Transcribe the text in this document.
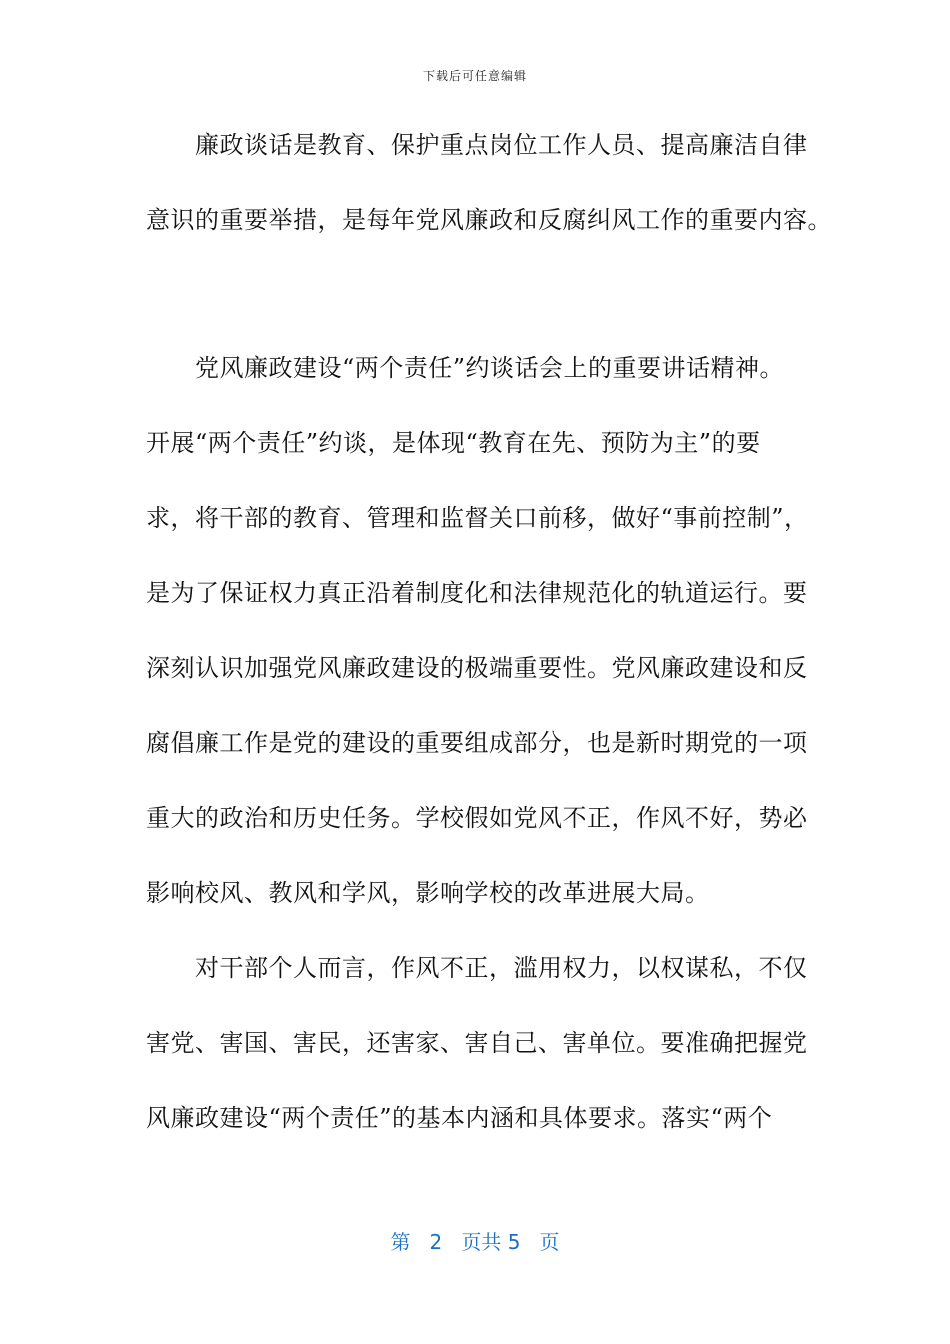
下载后可任意编辑
　　廉政谈话是教育、保护重点岗位工作人员、提高廉洁自律
意识的重要举措，是每年党风廉政和反腐纠风工作的重要内容。
　　党风廉政建设“两个责任”约谈话会上的重要讲话精神。
开展“两个责任”约谈，是体现“教育在先、预防为主”的要
求，将干部的教育、管理和监督关口前移，做好“事前控制”，
是为了保证权力真正沿着制度化和法律规范化的轨道运行。要
深刻认识加强党风廉政建设的极端重要性。党风廉政建设和反
腐倡廉工作是党的建设的重要组成部分，也是新时期党的一项
重大的政治和历史任务。学校假如党风不正，作风不好，势必
影响校风、教风和学风，影响学校的改革进展大局。
　　对干部个人而言，作风不正，滥用权力，以权谋私，不仅
害党、害国、害民，还害家、害自己、害单位。要准确把握党
风廉政建设“两个责任”的基本内涵和具体要求。落实“两个
第 2 页共 5 页
